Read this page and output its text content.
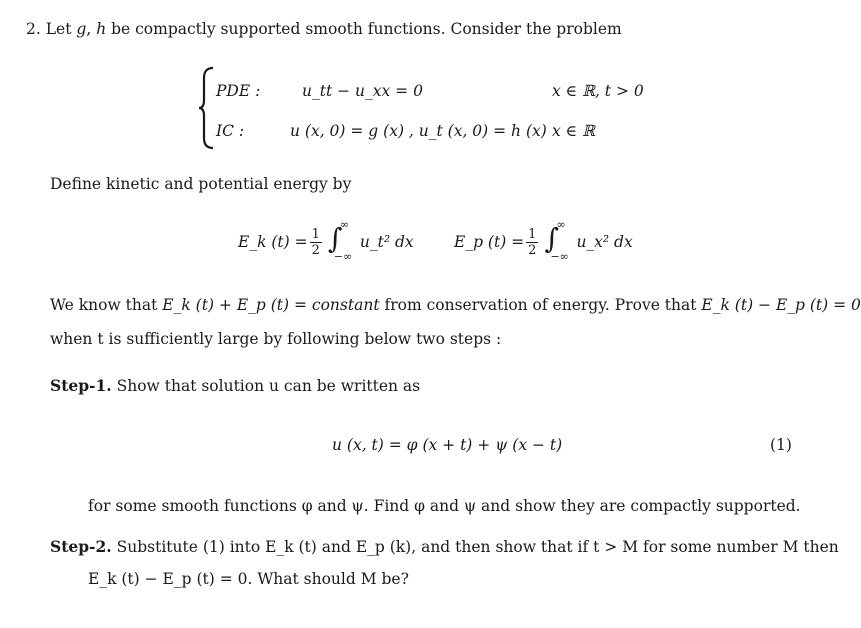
2. Let g, h be compactly supported smooth functions. Consider the problem
PDE :	u_tt − u_xx = 0	x ∈ ℝ, t > 0
IC :	u (x, 0) = g (x) , u_t (x, 0) = h (x) x ∈ ℝ
Define kinetic and potential energy by
E_k $(t) = \frac{1}{2}$ ∫
∞
−∞
u_t² dx	E_p $(t) = \frac{1}{2}$ ∫
∞
−∞
u_x² dx
We know that E_k (t) + E_p (t) = constant from conservation of energy. Prove that E_k (t) − E_p (t) = 0
when t is sufficiently large by following below two steps :
Step-1. Show that solution u can be written as
u (x, t) = φ (x + t) + ψ (x − t)	(1)
for some smooth functions φ and ψ. Find φ and ψ and show they are compactly supported.
Step-2. Substitute (1) into E_k (t) and E_p (k), and then show that if t > M for some number M then
E_k (t) − E_p (t) = 0. What should M be?
